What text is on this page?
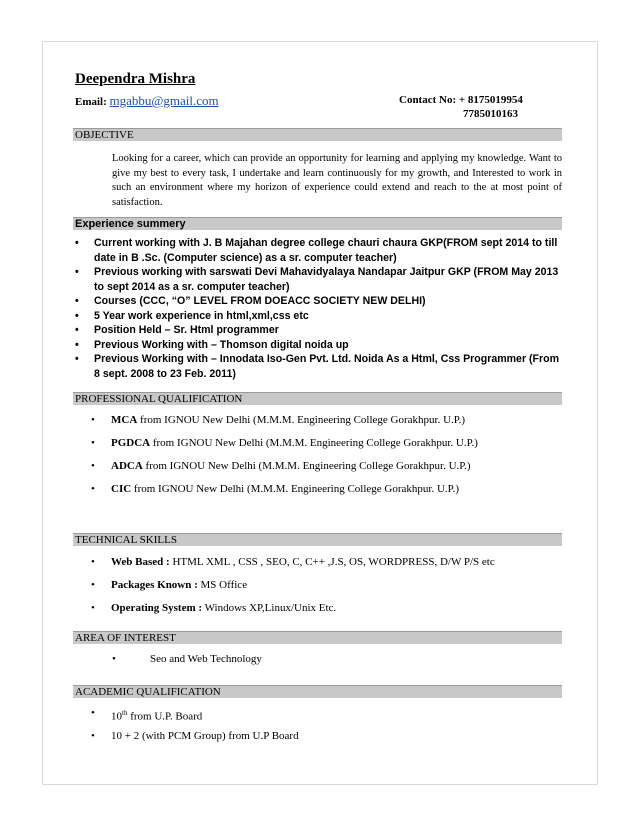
Deependra Mishra
Email: mgabbu@gmail.com	Contact No: + 8175019954
7785010163
OBJECTIVE
Looking for a career, which can provide an opportunity for learning and applying my knowledge. Want to give my best to every task, I undertake and learn continuously for my growth, and Interested to work in such an environment where my horizon of experience could extend and reach to the at most point of satisfaction.
Experience summery
• Current working with J. B Majahan degree college chauri chaura GKP(FROM sept 2014 to till date in B .Sc. (Computer science) as a sr. computer teacher)
• Previous working with sarswati Devi Mahavidyalaya Nandapar Jaitpur GKP (FROM May 2013 to sept 2014 as a sr. computer teacher)
• Courses (CCC, “O” LEVEL FROM DOEACC SOCIETY NEW DELHI)
• 5 Year work experience in html,xml,css etc
• Position Held – Sr. Html programmer
• Previous Working with – Thomson digital noida up
• Previous Working with – Innodata Iso-Gen Pvt. Ltd. Noida As a Html, Css Programmer (From 8 sept. 2008 to 23 Feb. 2011)
PROFESSIONAL QUALIFICATION
• MCA from IGNOU New Delhi (M.M.M. Engineering College Gorakhpur. U.P.)
• PGDCA from IGNOU New Delhi (M.M.M. Engineering College Gorakhpur. U.P.)
• ADCA from IGNOU New Delhi (M.M.M. Engineering College Gorakhpur. U.P.)
• CIC from IGNOU New Delhi (M.M.M. Engineering College Gorakhpur. U.P.)
TECHNICAL SKILLS
• Web Based : HTML XML , CSS , SEO, C, C++ ,J.S, OS, WORDPRESS, D/W P/S etc
• Packages Known : MS Office
• Operating System : Windows XP,Linux/Unix Etc.
AREA OF INTEREST
•	Seo and Web Technology
ACADEMIC QUALIFICATION
• 10th from U.P. Board
• 10 + 2 (with PCM Group) from U.P Board
